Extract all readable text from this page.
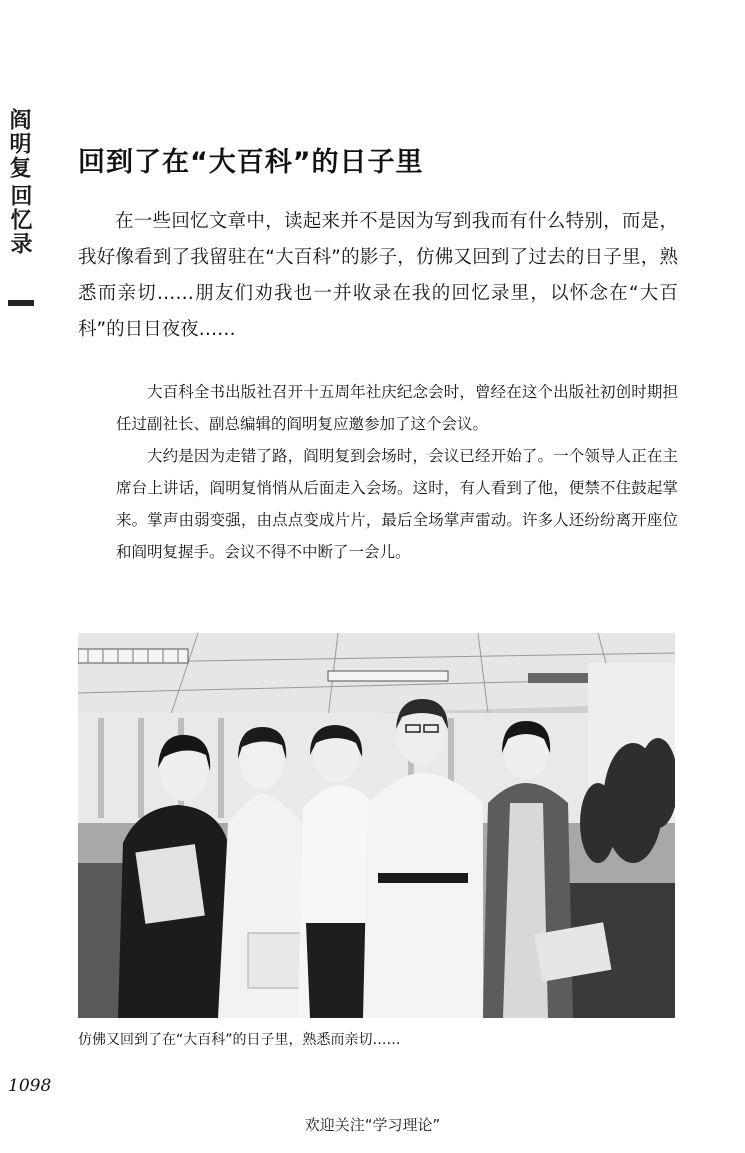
阎明复
回忆录
回到了在“大百科”的日子里

在一些回忆文章中，读起来并不是因为写到我而有什么特别，而是，我好像看到了我留驻在“大百科”的影子，仿佛又回到了过去的日子里，熟悉而亲切……朋友们劝我也一并收录在我的回忆录里，以怀念在“大百科”的日日夜夜……

大百科全书出版社召开十五周年社庆纪念会时，曾经在这个出版社初创时期担任过副社长、副总编辑的阎明复应邀参加了这个会议。

大约是因为走错了路，阎明复到会场时，会议已经开始了。一个领导人正在主席台上讲话，阎明复悄悄从后面走入会场。这时，有人看到了他，便禁不住鼓起掌来。掌声由弱变强，由点点变成片片，最后全场掌声雷动。许多人还纷纷离开座位和阎明复握手。会议不得不中断了一会儿。

仿佛又回到了在“大百科”的日子里，熟悉而亲切……
1098
欢迎关注“学习理论”
